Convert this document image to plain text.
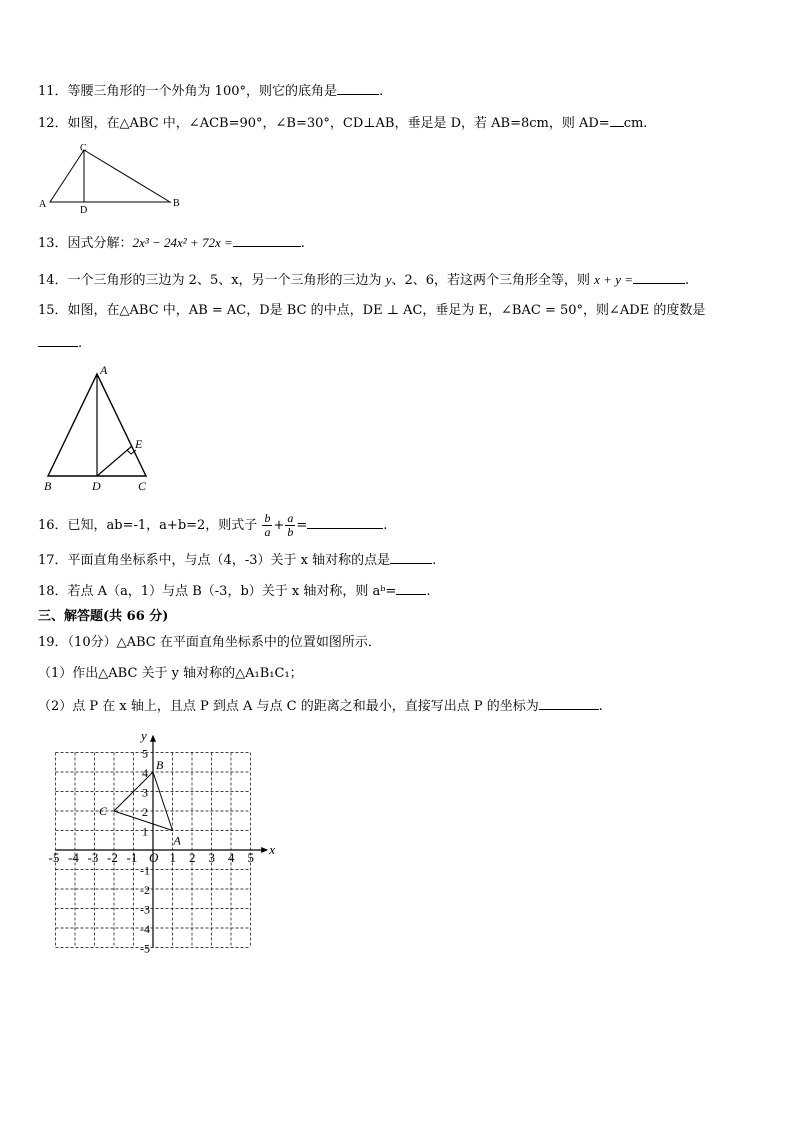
11．等腰三角形的一个外角为 100°，则它的底角是	.
12．如图，在△ABC 中，∠ACB=90°，∠B=30°，CD⊥AB，垂足是 D，若 AB=8cm，则 AD= cm.
C
A
D
B
13．因式分解：2x³ − 24x² + 72x =	.
14．一个三角形的三边为 2、5、x，另一个三角形的三边为 y、2、6，若这两个三角形全等，则 x + y =	.
15．如图，在△ABC 中，AB = AC，D是 BC 的中点，DE ⊥ AC，垂足为 E，∠BAC = 50°，则∠ADE 的度数是
.
A
E
B	D	C
16．已知，ab=-1，a+b=2，则式子 $\frac{b}{a} + \frac{a}{b}$ =	.
17．平面直角坐标系中，与点（4，-3）关于 x 轴对称的点是	.
18．若点 A（a，1）与点 B（-3，b）关于 x 轴对称，则 aᵇ= .
三、解答题(共 66 分)
19．（10分）△ABC 在平面直角坐标系中的位置如图所示．
（1）作出△ABC 关于 y 轴对称的△A₁B₁C₁；
（2）点 P 在 x 轴上，且点 P 到点 A 与点 C 的距离之和最小，直接写出点 P 的坐标为	.
x
y
O
-5 -4 -3 -2 -1 1 2 3 4 5
5
4
3
2
1
-1
-2
-3
-4
-5
A
B
C
